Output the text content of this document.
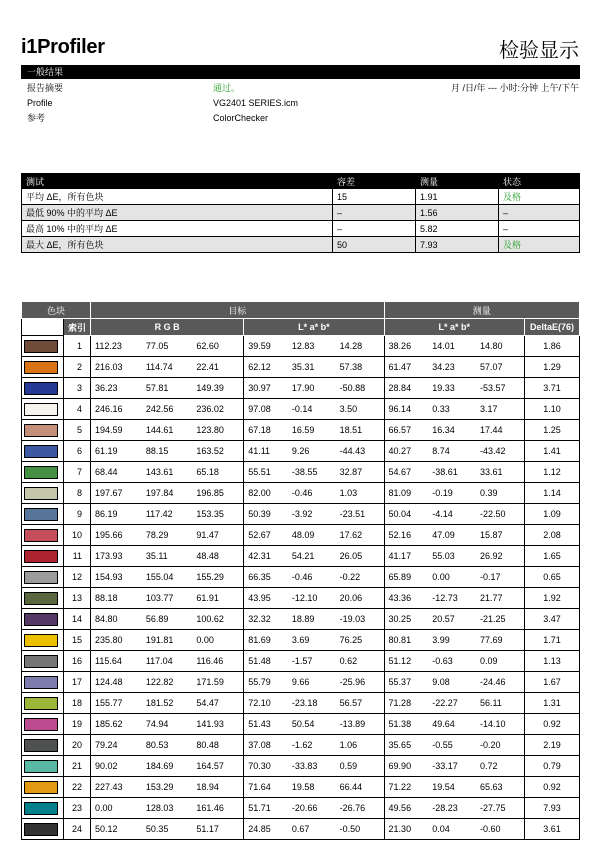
i1Profiler	检验显示
一般结果
报告摘要	通过。	月 /日/年 --- 小时:分钟 上午/下午
Profile	VG2401 SERIES.icm
参考	ColorChecker
测试	容差	测量	状态
平均 ΔE，所有色块	15	1.91	及格
最低 90% 中的平均 ΔE	–	1.56	–
最高 10% 中的平均 ΔE	–	5.82	–
最大 ΔE，所有色块	50	7.93	及格
色块		目标						测量			
	索引	R G B			L* a* b*			L* a* b*			DeltaE(76)

	1	112.23	77.05	62.60	39.59	12.83	14.28	38.26	14.01	14.80	1.86

	2	216.03	114.74	22.41	62.12	35.31	57.38	61.47	34.23	57.07	1.29

	3	36.23	57.81	149.39	30.97	17.90	-50.88	28.84	19.33	-53.57	3.71

	4	246.16	242.56	236.02	97.08	-0.14	3.50	96.14	0.33	3.17	1.10

	5	194.59	144.61	123.80	67.18	16.59	18.51	66.57	16.34	17.44	1.25

	6	61.19	88.15	163.52	41.11	9.26	-44.43	40.27	8.74	-43.42	1.41

	7	68.44	143.61	65.18	55.51	-38.55	32.87	54.67	-38.61	33.61	1.12

	8	197.67	197.84	196.85	82.00	-0.46	1.03	81.09	-0.19	0.39	1.14

	9	86.19	117.42	153.35	50.39	-3.92	-23.51	50.04	-4.14	-22.50	1.09

	10	195.66	78.29	91.47	52.67	48.09	17.62	52.16	47.09	15.87	2.08

	11	173.93	35.11	48.48	42.31	54.21	26.05	41.17	55.03	26.92	1.65

	12	154.93	155.04	155.29	66.35	-0.46	-0.22	65.89	0.00	-0.17	0.65

	13	88.18	103.77	61.91	43.95	-12.10	20.06	43.36	-12.73	21.77	1.92

	14	84.80	56.89	100.62	32.32	18.89	-19.03	30.25	20.57	-21.25	3.47

	15	235.80	191.81	0.00	81.69	3.69	76.25	80.81	3.99	77.69	1.71

	16	115.64	117.04	116.46	51.48	-1.57	0.62	51.12	-0.63	0.09	1.13

	17	124.48	122.82	171.59	55.79	9.66	-25.96	55.37	9.08	-24.46	1.67

	18	155.77	181.52	54.47	72.10	-23.18	56.57	71.28	-22.27	56.11	1.31

	19	185.62	74.94	141.93	51.43	50.54	-13.89	51.38	49.64	-14.10	0.92

	20	79.24	80.53	80.48	37.08	-1.62	1.06	35.65	-0.55	-0.20	2.19

	21	90.02	184.69	164.57	70.30	-33.83	0.59	69.90	-33.17	0.72	0.79

	22	227.43	153.29	18.94	71.64	19.58	66.44	71.22	19.54	65.63	0.92

	23	0.00	128.03	161.46	51.71	-20.66	-26.76	49.56	-28.23	-27.75	7.93

	24	50.12	50.35	51.17	24.85	0.67	-0.50	21.30	0.04	-0.60	3.61
